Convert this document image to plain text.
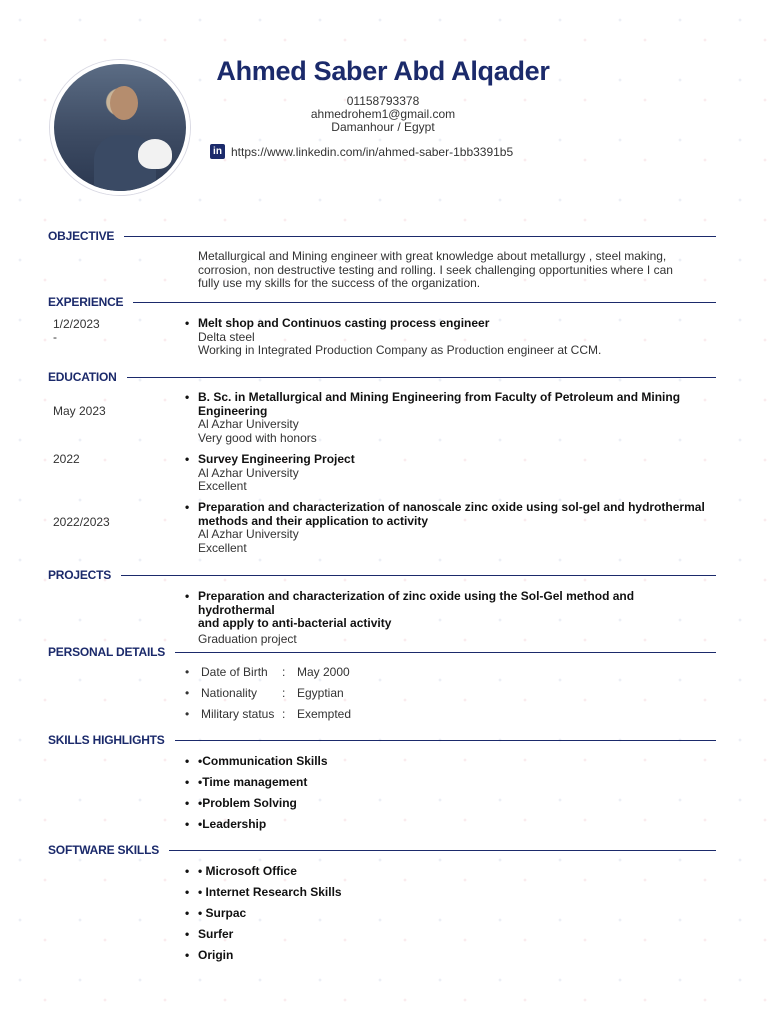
Ahmed Saber Abd Alqader
01158793378
ahmedrohem1@gmail.com
Damanhour / Egypt
in https://www.linkedin.com/in/ahmed-saber-1bb3391b5
OBJECTIVE
Metallurgical and Mining engineer with great knowledge about metallurgy , steel making,
corrosion, non destructive testing and rolling. I seek challenging opportunities where I can
fully use my skills for the success of the organization.
EXPERIENCE
1/2/2023
-
• Melt shop and Continuos casting process engineer
Delta steel
Working in Integrated Production Company as Production engineer at CCM.
EDUCATION
May 2023
• B. Sc. in Metallurgical and Mining Engineering from Faculty of Petroleum and Mining
Engineering
Al Azhar University
Very good with honors
2022
•	Survey Engineering Project
Al Azhar University
Excellent
2022/2023
• Preparation and characterization of nanoscale zinc oxide using sol-gel and hydrothermal
methods and their application to activity
Al Azhar University
Excellent
PROJECTS
• Preparation and characterization of zinc oxide using the Sol-Gel method and hydrothermal
and apply to anti-bacterial activity
Graduation project
PERSONAL DETAILS
• Date of Birth	: May 2000
• Nationality	: Egyptian
• Military status : Exempted
SKILLS HIGHLIGHTS
• •Communication Skills
• •Time management
• •Problem Solving
• •Leadership
SOFTWARE SKILLS
• • Microsoft Office
• • Internet Research Skills
• • Surpac
• Surfer
• Origin
